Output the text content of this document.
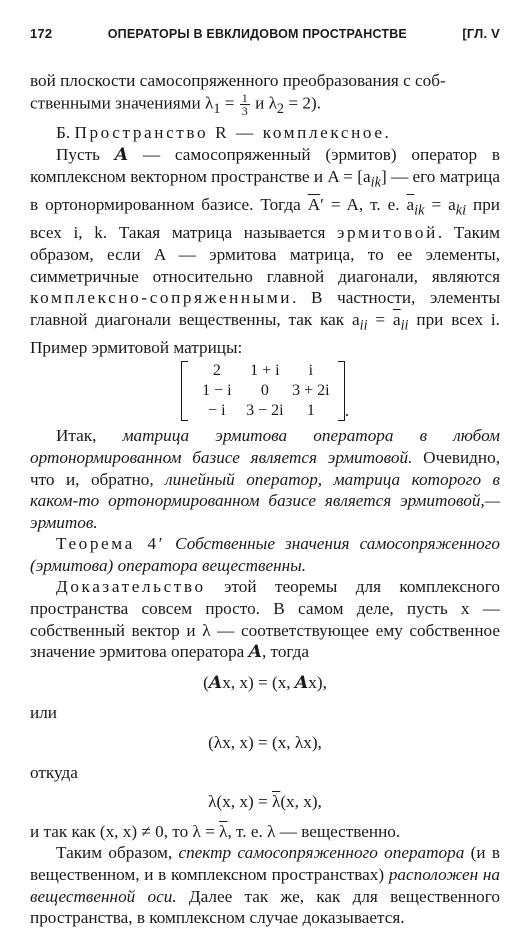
172	ОПЕРАТОРЫ В ЕВКЛИДОВОМ ПРОСТРАНСТВЕ	[ГЛ. V

вой плоскости самосопряженного преобразования с соб-
ственными значениями $\lambda_1 = \frac{1}{3}$ и $\lambda_2 = 2$).

Б. Пространство R — комплексное.

Пусть A — самосопряженный (эрмитов) оператор в комплексном векторном пространстве и $A = [a_{ik}]$ — его матрица в ортонормированном базисе. Тогда $\overline{A}' = A$, т. е. $\overline{a}_{ik} = a_{ki}$ при всех i, k. Такая матрица называется эрмитовой. Таким образом, если A — эрмитова матрица, то ее элементы, симметричные относительно главной диагонали, являются комплексно-сопряженными. В частности, элементы главной диагонали вещественны, так как $a_{ii} = \overline{a}_{ii}$ при всех i. Пример эрмитовой матрицы:

2	1 + i	i
1 − i	0	3 + 2i
− i	3 − 2i	1	.

Итак, матрица эрмитова оператора в любом ортонормированном базисе является эрмитовой. Очевидно, что и, обратно, линейный оператор, матрица которого в каком-то ортонормированном базисе является эрмитовой,— эрмитов.

Теорема 4′ Собственные значения самосопряженного (эрмитова) оператора вещественны.

Доказательство этой теоремы для комплексного пространства совсем просто. В самом деле, пусть x — собственный вектор и λ — соответствующее ему собственное значение эрмитова оператора A, тогда

(Ax, x) = (x, Ax),
или
(λx, x) = (x, λx),
откуда
λ(x, $x) = \overline{\lambda}(x$, x),

и так как (x, x) ≠ 0, то $\lambda = \overline{\lambda}$, т. е. λ — вещественно.

Таким образом, спектр самосопряженного оператора (и в вещественном, и в комплексном пространствах) расположен на вещественной оси. Далее так же, как для вещественного пространства, в комплексном случае доказывается.
